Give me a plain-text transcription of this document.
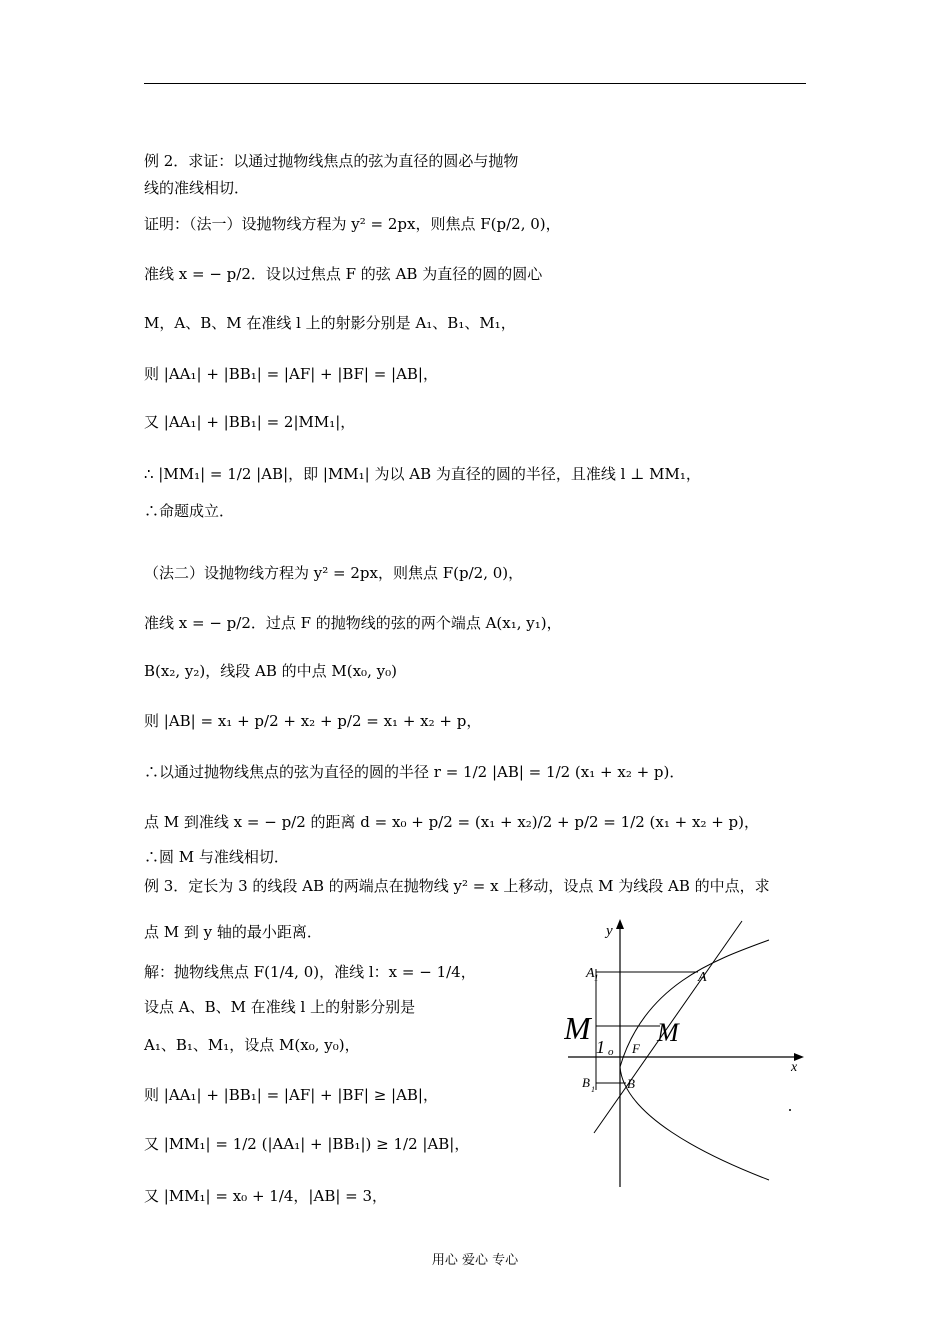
例 2．求证：以通过抛物线焦点的弦为直径的圆必与抛物
线的准线相切．
证明：（法一）设抛物线方程为 y² = 2px，则焦点 F(p/2, 0)，
准线 x = − p/2．设以过焦点 F 的弦 AB 为直径的圆的圆心
M，A、B、M 在准线 l 上的射影分别是 A₁、B₁、M₁，
则 |AA₁| + |BB₁| = |AF| + |BF| = |AB|，
又 |AA₁| + |BB₁| = 2|MM₁|，
∴ |MM₁| = 1/2 |AB|，即 |MM₁| 为以 AB 为直径的圆的半径，且准线 l ⊥ MM₁，
∴命题成立．
（法二）设抛物线方程为 y² = 2px，则焦点 F(p/2, 0)，
准线 x = − p/2．过点 F 的抛物线的弦的两个端点 A(x₁, y₁)，
B(x₂, y₂)，线段 AB 的中点 M(x₀, y₀)
则 |AB| = x₁ + p/2 + x₂ + p/2 = x₁ + x₂ + p，
∴以通过抛物线焦点的弦为直径的圆的半径 r = 1/2 |AB| = 1/2 (x₁ + x₂ + p)．
点 M 到准线 x = − p/2 的距离 d = x₀ + p/2 = (x₁ + x₂)/2 + p/2 = 1/2 (x₁ + x₂ + p)，
∴圆 M 与准线相切．
例 3．定长为 3 的线段 AB 的两端点在抛物线 y² = x 上移动，设点 M 为线段 AB 的中点，求
点 M 到 y 轴的最小距离．
解：抛物线焦点 F(1/4, 0)，准线 l：x = − 1/4，
设点 A、B、M 在准线 l 上的射影分别是
A₁、B₁、M₁，设点 M(x₀, y₀)，
则 |AA₁| + |BB₁| = |AF| + |BF| ≥ |AB|，
又 |MM₁| = 1/2 (|AA₁| + |BB₁|) ≥ 1/2 |AB|，
又 |MM₁| = x₀ + 1/4，|AB| = 3，
y
x
o
A 1	A
M
1 M
F
B 1 B
用心 爱心 专心
